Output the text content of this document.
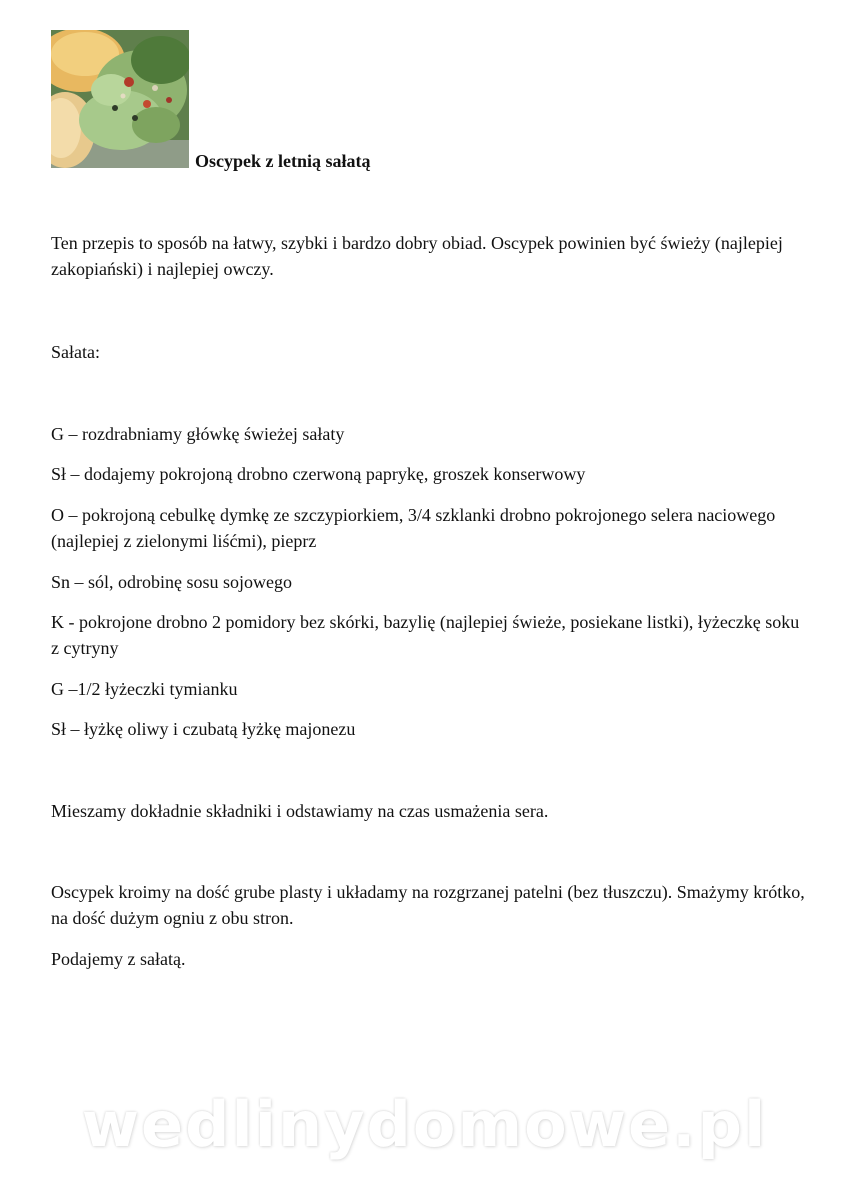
Oscypek z letnią sałatą

Ten przepis to sposób na łatwy, szybki i bardzo dobry obiad. Oscypek powinien być świeży (najlepiej zakopiański) i najlepiej owczy.

Sałata:

G – rozdrabniamy główkę świeżej sałaty

Sł – dodajemy pokrojoną drobno czerwoną paprykę, groszek konserwowy

O – pokrojoną cebulkę dymkę ze szczypiorkiem, 3/4 szklanki drobno pokrojonego selera naciowego (najlepiej z zielonymi liśćmi), pieprz

Sn – sól, odrobinę sosu sojowego

K - pokrojone drobno 2 pomidory bez skórki, bazylię (najlepiej świeże, posiekane listki), łyżeczkę soku z cytryny

G –1/2 łyżeczki tymianku

Sł – łyżkę oliwy i czubatą łyżkę majonezu

Mieszamy dokładnie składniki i odstawiamy na czas usmażenia sera.

Oscypek kroimy na dość grube plasty i układamy na rozgrzanej patelni (bez tłuszczu). Smażymy krótko, na dość dużym ogniu z obu stron.

Podajemy z sałatą.

wedlinydomowe.pl
